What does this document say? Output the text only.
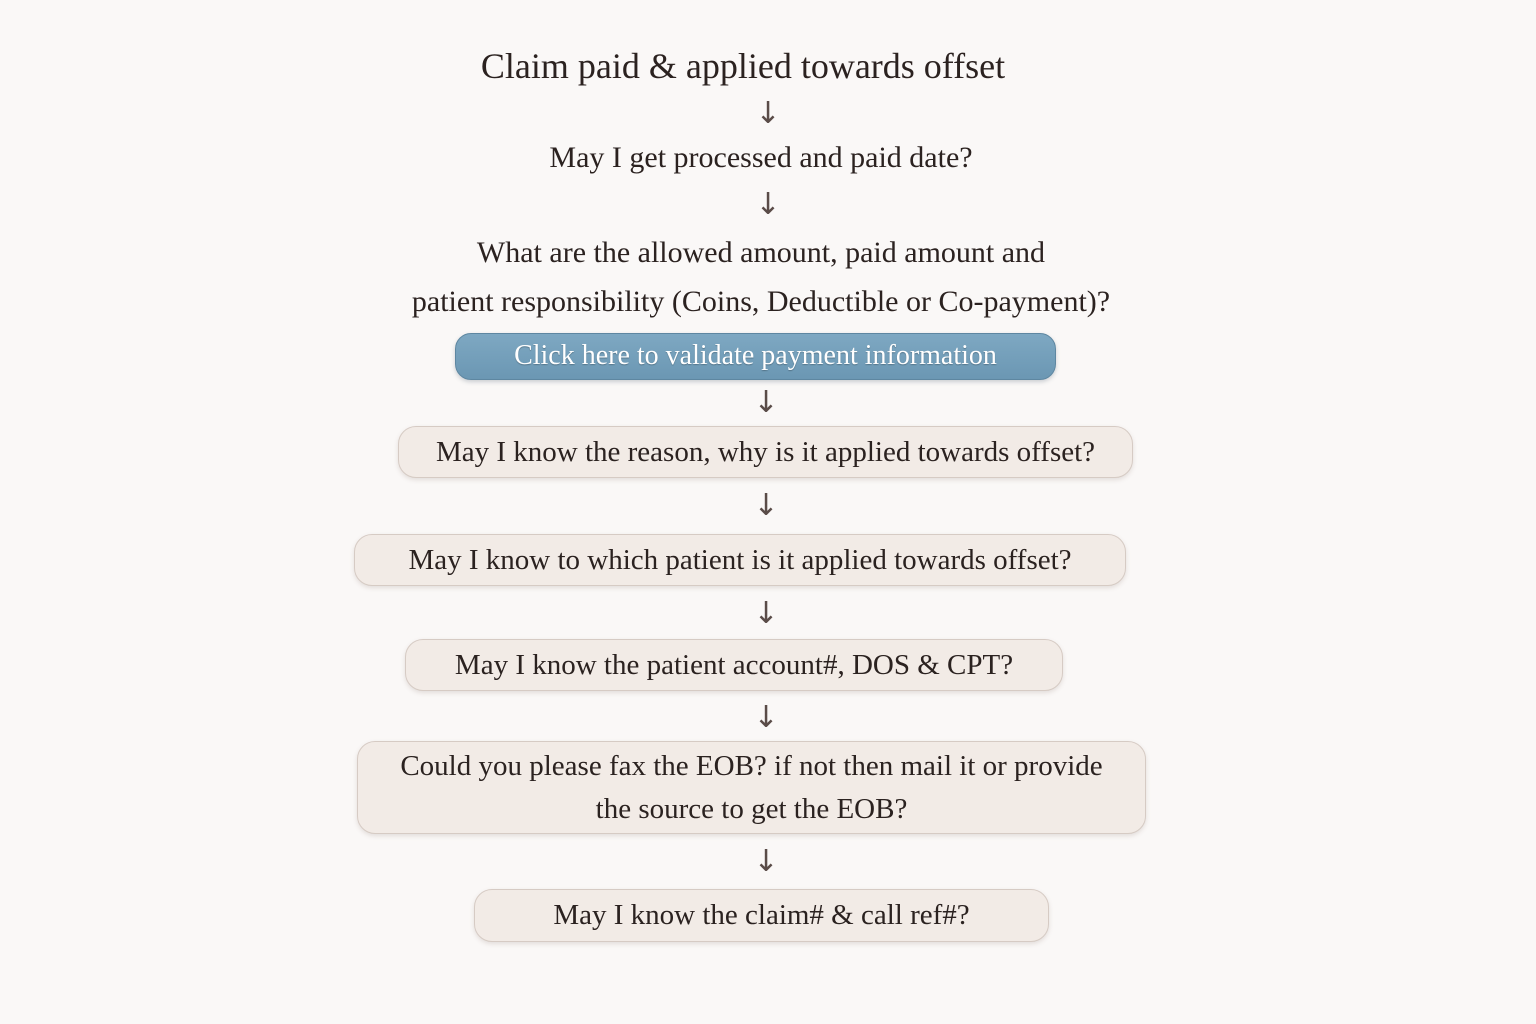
Claim paid & applied towards offset
↓
May I get processed and paid date?
↓
What are the allowed amount, paid amount and
patient responsibility (Coins, Deductible or Co-payment)?
Click here to validate payment information
↓
May I know the reason, why is it applied towards offset?
↓
May I know to which patient is it applied towards offset?
↓
May I know the patient account#, DOS & CPT?
↓
Could you please fax the EOB? if not then mail it or provide
the source to get the EOB?
↓
May I know the claim# & call ref#?
